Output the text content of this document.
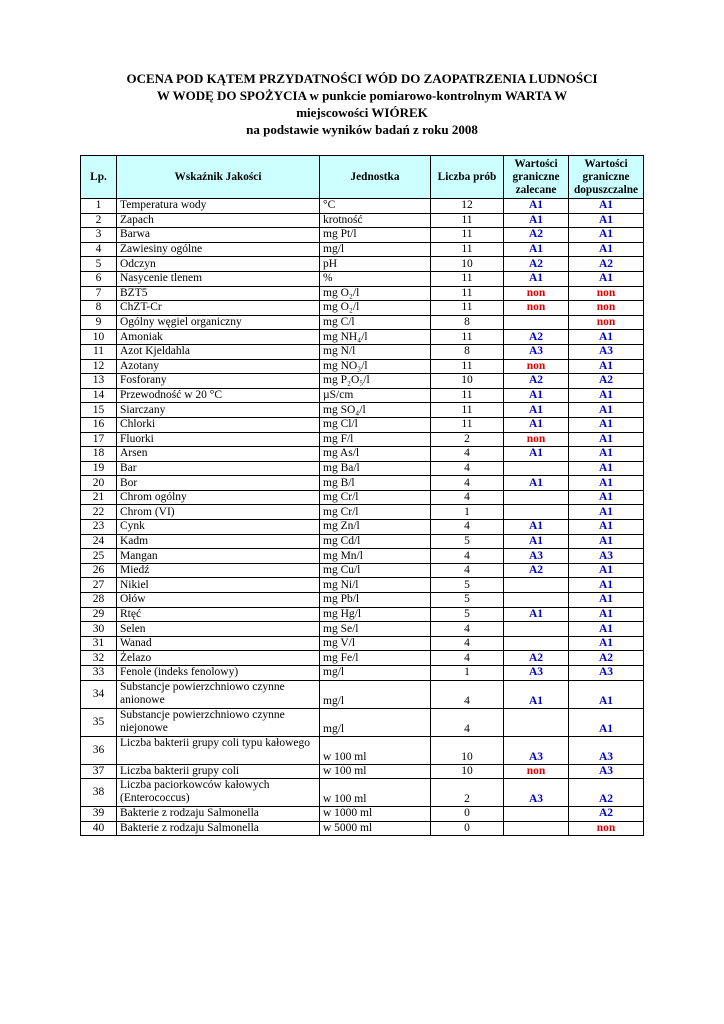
OCENA POD KĄTEM PRZYDATNOŚCI WÓD DO ZAOPATRZENIA LUDNOŚCI
W WODĘ DO SPOŻYCIA w punkcie pomiarowo-kontrolnym WARTA W
miejscowości WIÓREK
na podstawie wyników badań z roku 2008
Lp.	Wskaźnik Jakości	Jednostka	Liczba prób	Wartości graniczne zalecane	Wartości graniczne dopuszczalne
1	Temperatura wody	°C	12	A1	A1
2	Zapach	krotność	11	A1	A1
3	Barwa	mg Pt/l	11	A2	A1
4	Zawiesiny ogólne	mg/l	11	A1	A1
5	Odczyn	pH	10	A2	A2
6	Nasycenie tlenem	%	11	A1	A1
7	BZT5	mg O₂/l	11	non	non
8	ChZT-Cr	mg O₂/l	11	non	non
9	Ogólny węgiel organiczny	mg C/l	8		non
10	Amoniak	mg NH₄/l	11	A2	A1
11	Azot Kjeldahla	mg N/l	8	A3	A3
12	Azotany	mg NO₃/l	11	non	A1
13	Fosforany	mg P₂O₅/l	10	A2	A2
14	Przewodność w 20 °C	µS/cm	11	A1	A1
15	Siarczany	mg SO₄/l	11	A1	A1
16	Chlorki	mg Cl/l	11	A1	A1
17	Fluorki	mg F/l	2	non	A1
18	Arsen	mg As/l	4	A1	A1
19	Bar	mg Ba/l	4		A1
20	Bor	mg B/l	4	A1	A1
21	Chrom ogólny	mg Cr/l	4		A1
22	Chrom (VI)	mg Cr/l	1		A1
23	Cynk	mg Zn/l	4	A1	A1
24	Kadm	mg Cd/l	5	A1	A1
25	Mangan	mg Mn/l	4	A3	A3
26	Miedź	mg Cu/l	4	A2	A1
27	Nikiel	mg Ni/l	5		A1
28	Ołów	mg Pb/l	5		A1
29	Rtęć	mg Hg/l	5	A1	A1
30	Selen	mg Se/l	4		A1
31	Wanad	mg V/l	4		A1
32	Żelazo	mg Fe/l	4	A2	A2
33	Fenole (indeks fenolowy)	mg/l	1	A3	A3
34	Substancje powierzchniowo czynne anionowe	mg/l	4	A1	A1
35	Substancje powierzchniowo czynne niejonowe	mg/l	4		A1
36	Liczba bakterii grupy coli typu kałowego	w 100 ml	10	A3	A3
37	Liczba bakterii grupy coli	w 100 ml	10	non	A3
38	Liczba paciorkowców kałowych (Enterococcus)	w 100 ml	2	A3	A2
39	Bakterie z rodzaju Salmonella	w 1000 ml	0		A2
40	Bakterie z rodzaju Salmonella	w 5000 ml	0		non
